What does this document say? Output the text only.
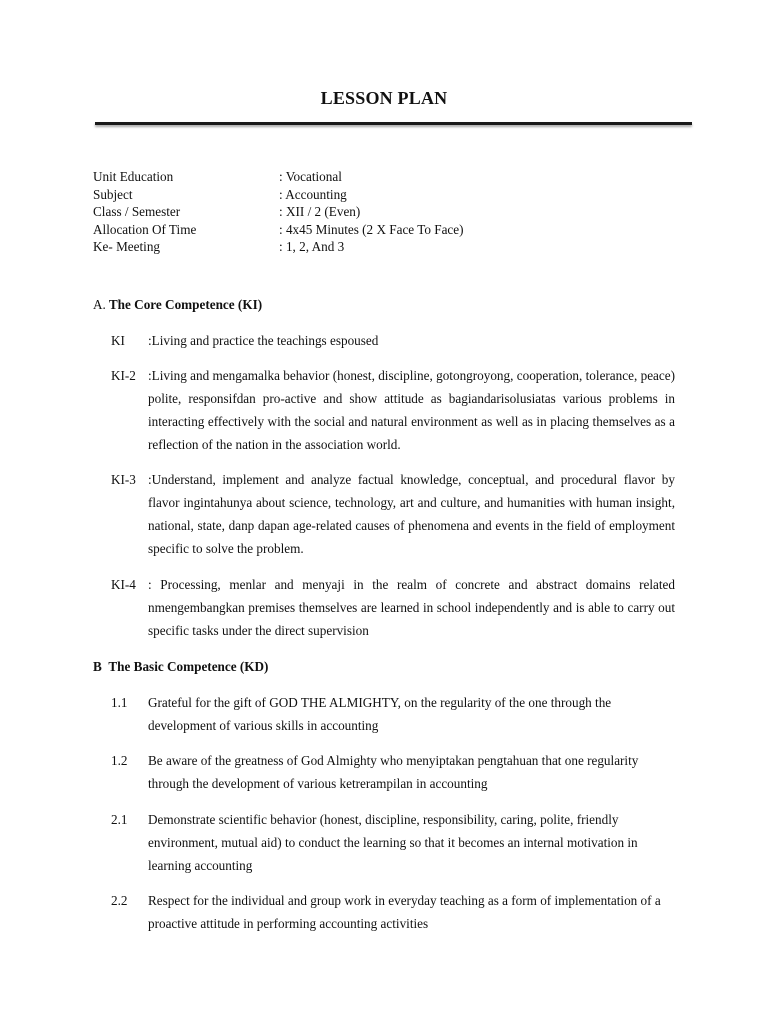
LESSON PLAN
Unit Education	: Vocational
Subject	: Accounting
Class / Semester	: XII / 2 (Even)
Allocation Of Time	: 4x45 Minutes (2 X Face To Face)
Ke- Meeting	: 1, 2, And 3
A. The Core Competence (KI)
KI	:Living and practice the teachings espoused
KI-2 :Living and mengamalka behavior (honest, discipline, gotongroyong, cooperation, tolerance, peace) polite, responsifdan pro-active and show attitude as bagiandarisolusiatas various problems in interacting effectively with the social and natural environment as well as in placing themselves as a reflection of the nation in the association world.
KI-3 :Understand, implement and analyze factual knowledge, conceptual, and procedural flavor by flavor ingintahunya about science, technology, art and culture, and humanities with human insight, national, state, danp dapan age-related causes of phenomena and events in the field of employment specific to solve the problem.
KI-4 : Processing, menlar and menyaji in the realm of concrete and abstract domains related nmengembangkan premises themselves are learned in school independently and is able to carry out specific tasks under the direct supervision
B The Basic Competence (KD)
1.1	Grateful for the gift of GOD THE ALMIGHTY, on the regularity of the one through the development of various skills in accounting
1.2	Be aware of the greatness of God Almighty who menyiptakan pengtahuan that one regularity through the development of various ketrerampilan in accounting
2.1	Demonstrate scientific behavior (honest, discipline, responsibility, caring, polite, friendly environment, mutual aid) to conduct the learning so that it becomes an internal motivation in learning accounting
2.2	Respect for the individual and group work in everyday teaching as a form of implementation of a proactive attitude in performing accounting activities
